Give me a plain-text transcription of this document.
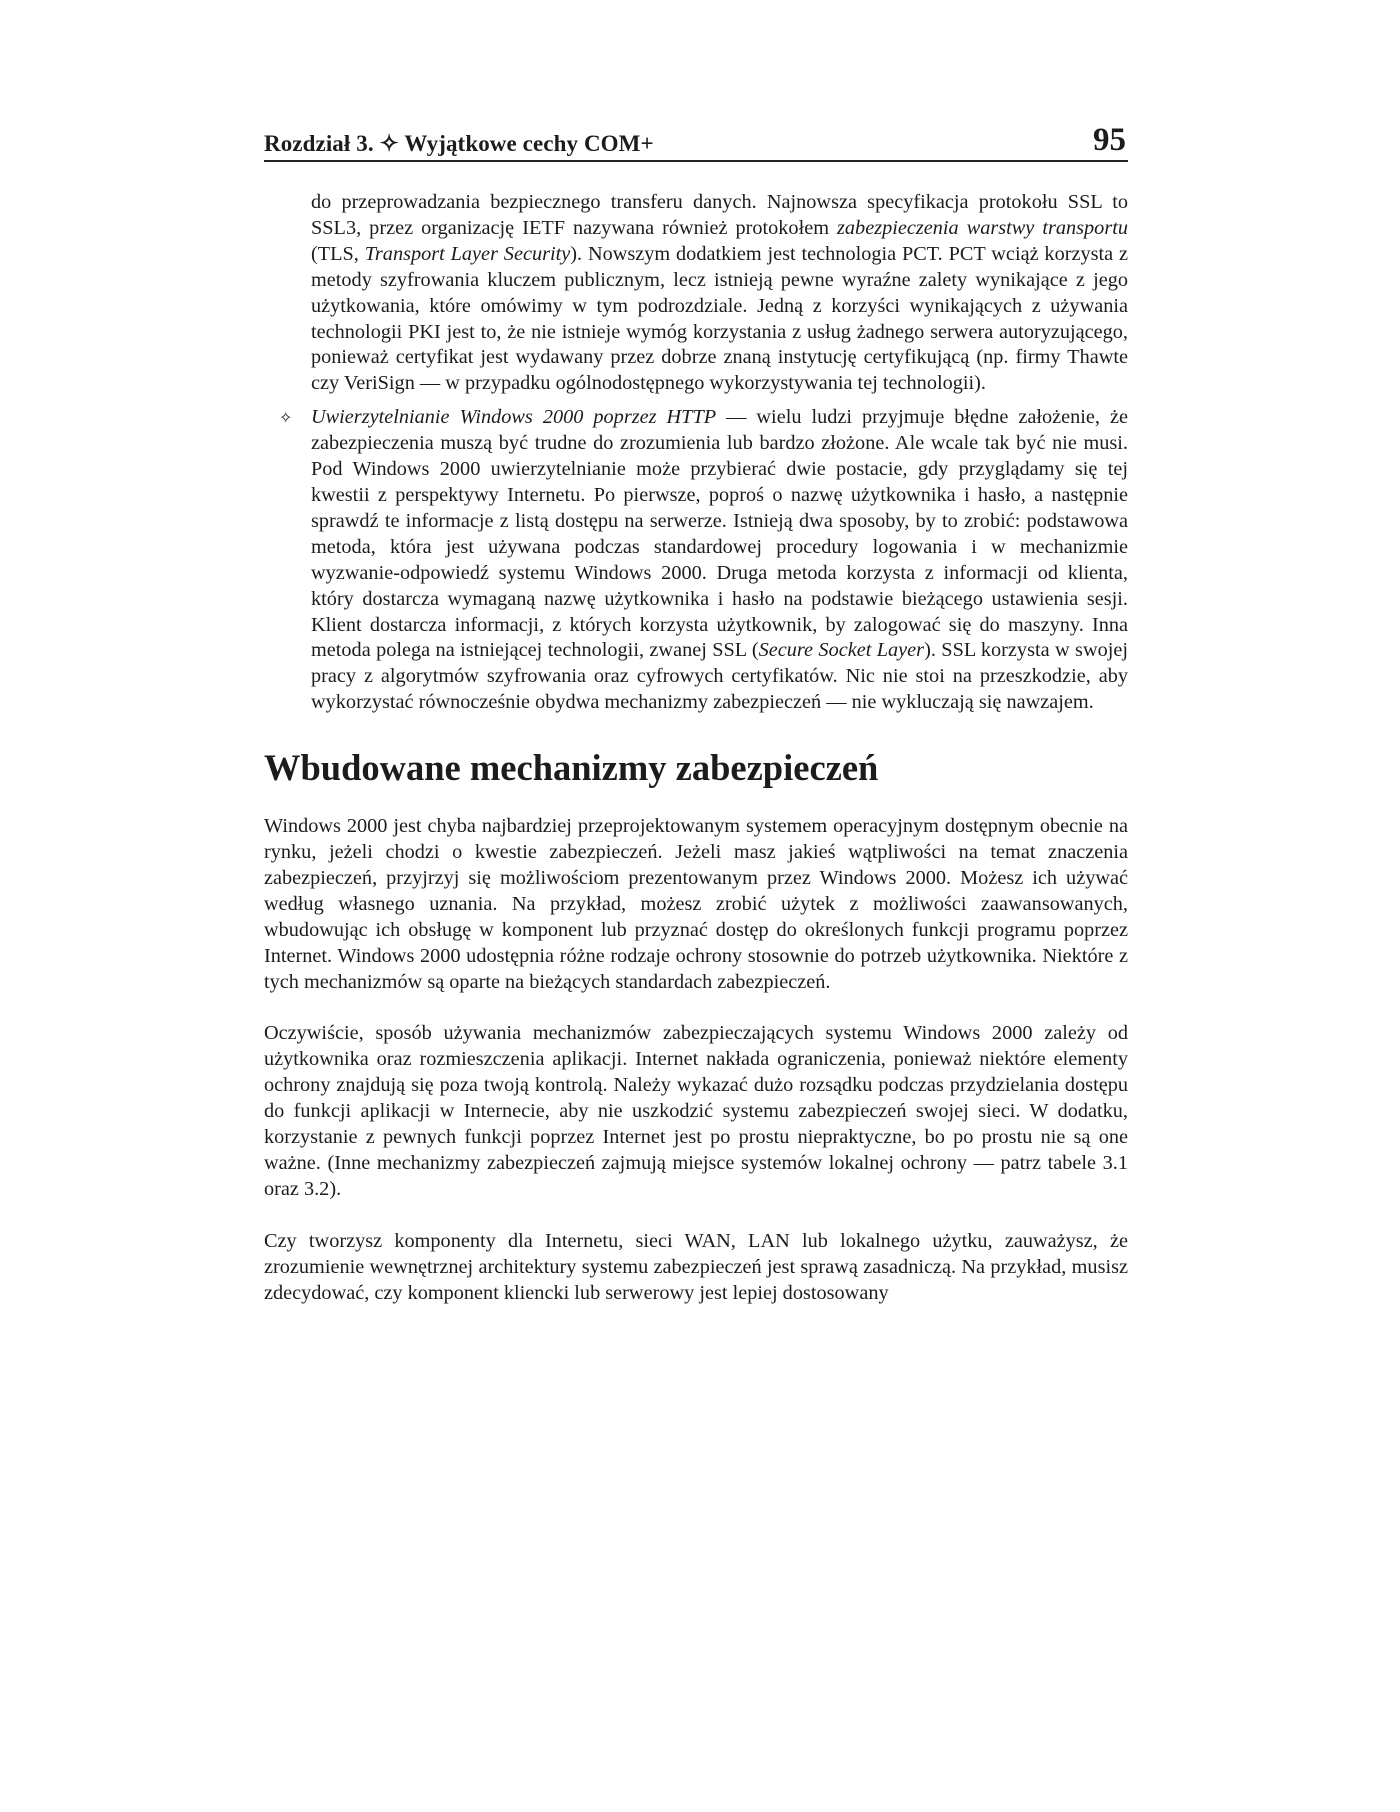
Rozdział 3. ✧ Wyjątkowe cechy COM+	95

do przeprowadzania bezpiecznego transferu danych. Najnowsza specyfikacja protokołu SSL to SSL3, przez organizację IETF nazywana również protokołem zabezpieczenia warstwy transportu (TLS, Transport Layer Security). Nowszym dodatkiem jest technologia PCT. PCT wciąż korzysta z metody szyfrowania kluczem publicznym, lecz istnieją pewne wyraźne zalety wynikające z jego użytkowania, które omówimy w tym podrozdziale. Jedną z korzyści wynikających z używania technologii PKI jest to, że nie istnieje wymóg korzystania z usług żadnego serwera autoryzującego, ponieważ certyfikat jest wydawany przez dobrze znaną instytucję certyfikującą (np. firmy Thawte czy VeriSign — w przypadku ogólnodostępnego wykorzystywania tej technologii).

✧ Uwierzytelnianie Windows 2000 poprzez HTTP — wielu ludzi przyjmuje błędne założenie, że zabezpieczenia muszą być trudne do zrozumienia lub bardzo złożone. Ale wcale tak być nie musi. Pod Windows 2000 uwierzytelnianie może przybierać dwie postacie, gdy przyglądamy się tej kwestii z perspektywy Internetu. Po pierwsze, poproś o nazwę użytkownika i hasło, a następnie sprawdź te informacje z listą dostępu na serwerze. Istnieją dwa sposoby, by to zrobić: podstawowa metoda, która jest używana podczas standardowej procedury logowania i w mechanizmie wyzwanie-odpowiedź systemu Windows 2000. Druga metoda korzysta z informacji od klienta, który dostarcza wymaganą nazwę użytkownika i hasło na podstawie bieżącego ustawienia sesji. Klient dostarcza informacji, z których korzysta użytkownik, by zalogować się do maszyny. Inna metoda polega na istniejącej technologii, zwanej SSL (Secure Socket Layer). SSL korzysta w swojej pracy z algorytmów szyfrowania oraz cyfrowych certyfikatów. Nic nie stoi na przeszkodzie, aby wykorzystać równocześnie obydwa mechanizmy zabezpieczeń — nie wykluczają się nawzajem.

Wbudowane mechanizmy zabezpieczeń

Windows 2000 jest chyba najbardziej przeprojektowanym systemem operacyjnym dostępnym obecnie na rynku, jeżeli chodzi o kwestie zabezpieczeń. Jeżeli masz jakieś wątpliwości na temat znaczenia zabezpieczeń, przyjrzyj się możliwościom prezentowanym przez Windows 2000. Możesz ich używać według własnego uznania. Na przykład, możesz zrobić użytek z możliwości zaawansowanych, wbudowując ich obsługę w komponent lub przyznać dostęp do określonych funkcji programu poprzez Internet. Windows 2000 udostępnia różne rodzaje ochrony stosownie do potrzeb użytkownika. Niektóre z tych mechanizmów są oparte na bieżących standardach zabezpieczeń.

Oczywiście, sposób używania mechanizmów zabezpieczających systemu Windows 2000 zależy od użytkownika oraz rozmieszczenia aplikacji. Internet nakłada ograniczenia, ponieważ niektóre elementy ochrony znajdują się poza twoją kontrolą. Należy wykazać dużo rozsądku podczas przydzielania dostępu do funkcji aplikacji w Internecie, aby nie uszkodzić systemu zabezpieczeń swojej sieci. W dodatku, korzystanie z pewnych funkcji poprzez Internet jest po prostu niepraktyczne, bo po prostu nie są one ważne. (Inne mechanizmy zabezpieczeń zajmują miejsce systemów lokalnej ochrony — patrz tabele 3.1 oraz 3.2).

Czy tworzysz komponenty dla Internetu, sieci WAN, LAN lub lokalnego użytku, zauważysz, że zrozumienie wewnętrznej architektury systemu zabezpieczeń jest sprawą zasadniczą. Na przykład, musisz zdecydować, czy komponent kliencki lub serwerowy jest lepiej dostosowany
